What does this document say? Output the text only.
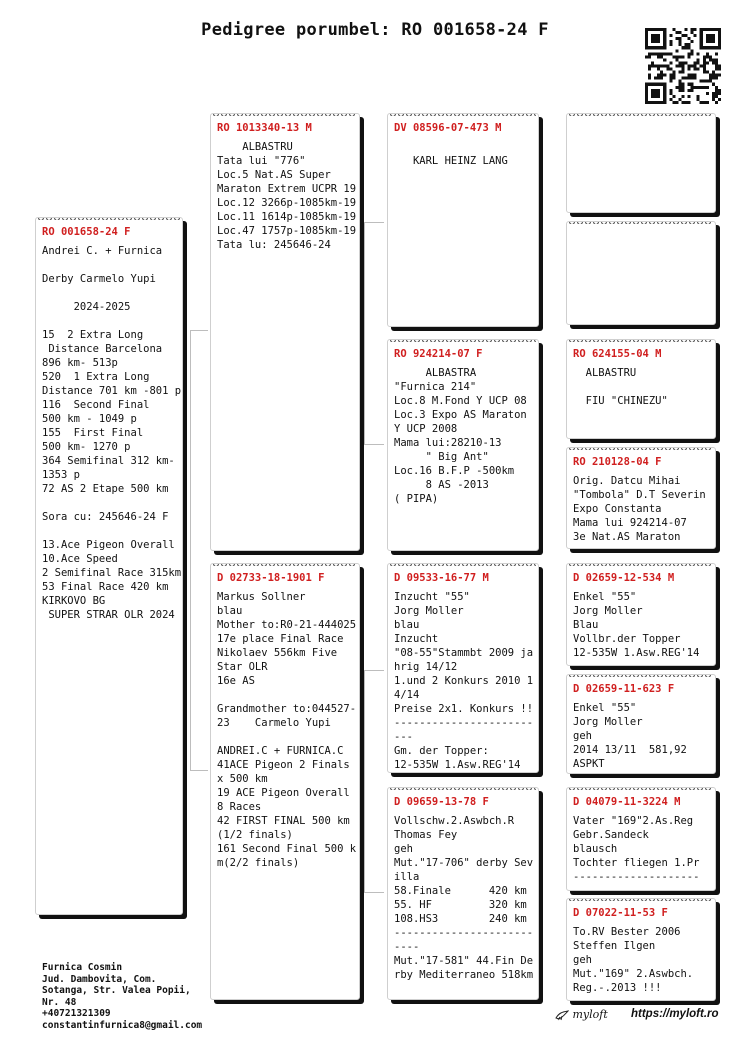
Pedigree porumbel: RO 001658-24 F
RO 001658-24 F
Andrei C. + Furnica

Derby Carmelo Yupi

2024-2025

15  2 Extra Long
Distance Barcelona
896 km- 513p
520  1 Extra Long
Distance 701 km -801 p
116  Second Final
500 km - 1049 p
155  First Final
500 km- 1270 p
364 Semifinal 312 km-
1353 p
72 AS 2 Etape 500 km

Sora cu: 245646-24 F

13.Ace Pigeon Overall
10.Ace Speed
2 Semifinal Race 315km
53 Final Race 420 km
KIRKOVO BG
SUPER STRAR OLR 2024
RO 1013340-13 M
ALBASTRU
Tata lui "776"
Loc.5 Nat.AS Super
Maraton Extrem UCPR 19
Loc.12 3266p-1085km-19
Loc.11 1614p-1085km-19
Loc.47 1757p-1085km-19
Tata lu: 245646-24
D 02733-18-1901 F
Markus Sollner
blau
Mother to:R0-21-444025
17e place Final Race
Nikolaev 556km Five
Star OLR
16e AS

Grandmother to:044527-
23    Carmelo Yupi

ANDREI.C + FURNICA.C
41ACE Pigeon 2 Finals
x 500 km
19 ACE Pigeon Overall
8 Races
42 FIRST FINAL 500 km
(1/2 finals)
161 Second Final 500 k
m(2/2 finals)
DV 08596-07-473 M

KARL HEINZ LANG
RO 924214-07 F
ALBASTRA
"Furnica 214"
Loc.8 M.Fond Y UCP 08
Loc.3 Expo AS Maraton
Y UCP 2008
Mama lui:28210-13
" Big Ant"
Loc.16 B.F.P -500km
8 AS -2013
( PIPA)
D 09533-16-77 M
Inzucht "55"
Jorg Moller
blau
Inzucht
"08-55"Stammbt 2009 ja
hrig 14/12
1.und 2 Konkurs 2010 1
4/14
Preise 2x1. Konkurs !!
----------------------
---
Gm. der Topper:
12-535W 1.Asw.REG'14
D 09659-13-78 F
Vollschw.2.Aswbch.R
Thomas Fey
geh
Mut."17-706" derby Sev
illa
58.Finale      420 km
55. HF         320 km
108.HS3        240 km
----------------------
----
Mut."17-581" 44.Fin De
rby Mediterraneo 518km
RO 624155-04 M
ALBASTRU

FIU "CHINEZU"
RO 210128-04 F
Orig. Datcu Mihai
"Tombola" D.T Severin
Expo Constanta
Mama lui 924214-07
3e Nat.AS Maraton
D 02659-12-534 M
Enkel "55"
Jorg Moller
Blau
Vollbr.der Topper
12-535W 1.Asw.REG'14
D 02659-11-623 F
Enkel "55"
Jorg Moller
geh
2014 13/11  581,92
ASPKT
D 04079-11-3224 M
Vater "169"2.As.Reg
Gebr.Sandeck
blausch
Tochter fliegen 1.Pr
--------------------
D 07022-11-53 F
To.RV Bester 2006
Steffen Ilgen
geh
Mut."169" 2.Aswbch.
Reg.-.2013 !!!
Furnica Cosmin
Jud. Dambovita, Com.
Sotanga, Str. Valea Popii,
Nr. 48
+40721321309
constantinfurnica8@gmail.com
myloft https://myloft.ro
